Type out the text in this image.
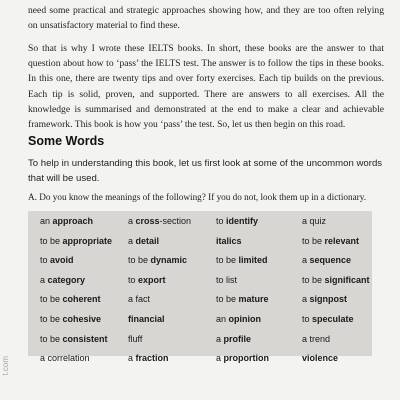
need some practical and strategic approaches showing how, and they are too often relying on unsatisfactory material to find these.
So that is why I wrote these IELTS books. In short, these books are the answer to that question about how to ‘pass’ the IELTS test. The answer is to follow the tips in these books. In this one, there are twenty tips and over forty exercises. Each tip builds on the previous. Each tip is solid, proven, and supported. There are answers to all exercises. All the knowledge is summarised and demonstrated at the end to make a clear and achievable framework. This book is how you ‘pass’ the test. So, let us then begin on this road.
Some Words
To help in understanding this book, let us first look at some of the uncommon words that will be used.
A. Do you know the meanings of the following? If you do not, look them up in a dictionary.
an approach	a cross-section	to identify	a quiz
to be appropriate	a detail	italics	to be relevant
to avoid	to be dynamic	to be limited	a sequence
a category	to export	to list	to be significant
to be coherent	a fact	to be mature	a signpost
to be cohesive	financial	an opinion	to speculate
to be consistent	fluff	a profile	a trend
a correlation	a fraction	a proportion	violence
t.com
